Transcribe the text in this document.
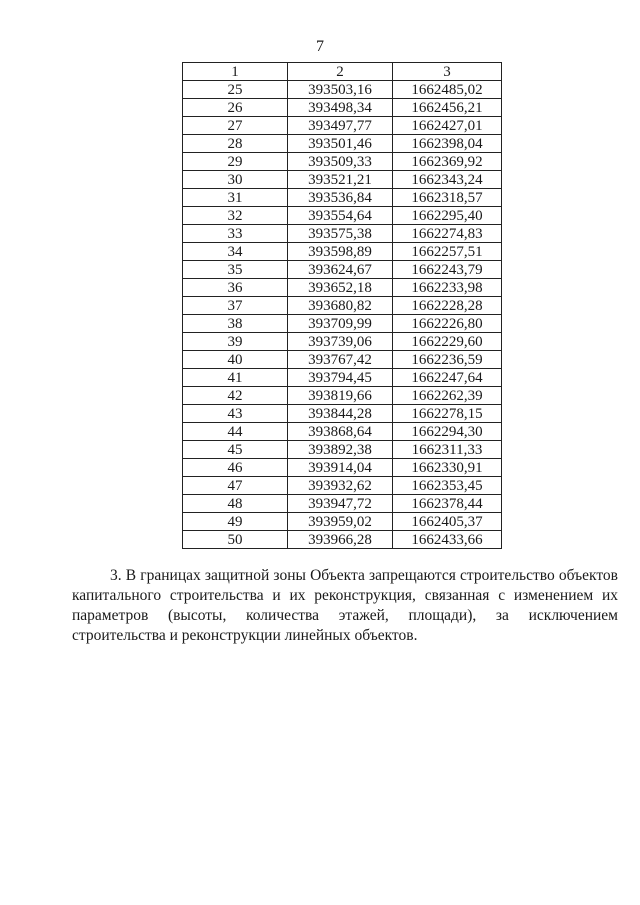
7
1	2	3
25	393503,16	1662485,02
26	393498,34	1662456,21
27	393497,77	1662427,01
28	393501,46	1662398,04
29	393509,33	1662369,92
30	393521,21	1662343,24
31	393536,84	1662318,57
32	393554,64	1662295,40
33	393575,38	1662274,83
34	393598,89	1662257,51
35	393624,67	1662243,79
36	393652,18	1662233,98
37	393680,82	1662228,28
38	393709,99	1662226,80
39	393739,06	1662229,60
40	393767,42	1662236,59
41	393794,45	1662247,64
42	393819,66	1662262,39
43	393844,28	1662278,15
44	393868,64	1662294,30
45	393892,38	1662311,33
46	393914,04	1662330,91
47	393932,62	1662353,45
48	393947,72	1662378,44
49	393959,02	1662405,37
50	393966,28	1662433,66

3. В границах защитной зоны Объекта запрещаются строительство объектов капитального строительства и их реконструкция, связанная с изменением их параметров (высоты, количества этажей, площади), за исключением строительства и реконструкции линейных объектов.
